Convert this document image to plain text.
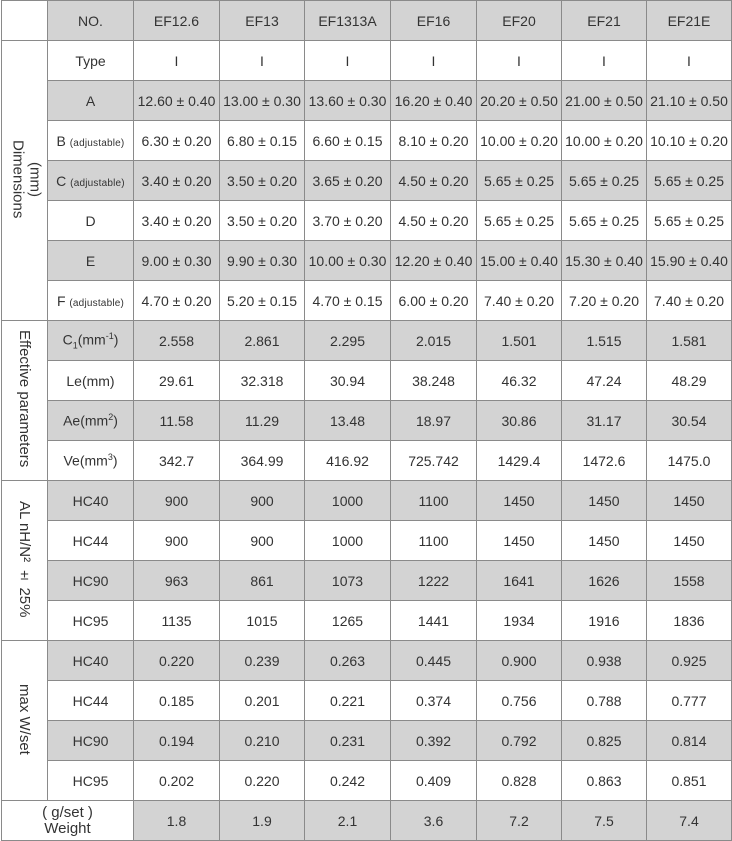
	NO.	EF12.6	EF13	EF1313A	EF16	EF20	EF21	EF21E

(mm)
Dimensions	Type	I	I	I	I	I	I	I
	A	12.60 ± 0.40	13.00 ± 0.30	13.60 ± 0.30	16.20 ± 0.40	20.20 ± 0.50	21.00 ± 0.50	21.10 ± 0.50
	B (adjustable)	6.30 ± 0.20	6.80 ± 0.15	6.60 ± 0.15	8.10 ± 0.20	10.00 ± 0.20	10.00 ± 0.20	10.10 ± 0.20
	C (adjustable)	3.40 ± 0.20	3.50 ± 0.20	3.65 ± 0.20	4.50 ± 0.20	5.65 ± 0.25	5.65 ± 0.25	5.65 ± 0.25
	D	3.40 ± 0.20	3.50 ± 0.20	3.70 ± 0.20	4.50 ± 0.20	5.65 ± 0.25	5.65 ± 0.25	5.65 ± 0.25
	E	9.00 ± 0.30	9.90 ± 0.30	10.00 ± 0.30	12.20 ± 0.40	15.00 ± 0.40	15.30 ± 0.40	15.90 ± 0.40
	F (adjustable)	4.70 ± 0.20	5.20 ± 0.15	4.70 ± 0.15	6.00 ± 0.20	7.40 ± 0.20	7.20 ± 0.20	7.40 ± 0.20
Effective parameters	$C_1(mm^{-1})$	2.558	2.861	2.295	2.015	1.501	1.515	1.581
	Le(mm)	29.61	32.318	30.94	38.248	46.32	47.24	48.29
	$Ae(mm^2)$	11.58	11.29	13.48	18.97	30.86	31.17	30.54
	$Ve(mm^3)$	342.7	364.99	416.92	725.742	1429.4	1472.6	1475.0
AL nH/N² ± 25%	HC40	900	900	1000	1100	1450	1450	1450
	HC44	900	900	1000	1100	1450	1450	1450
	HC90	963	861	1073	1222	1641	1626	1558
	HC95	1135	1015	1265	1441	1934	1916	1836
max W/set	HC40	0.220	0.239	0.263	0.445	0.900	0.938	0.925
	HC44	0.185	0.201	0.221	0.374	0.756	0.788	0.777
	HC90	0.194	0.210	0.231	0.392	0.792	0.825	0.814
	HC95	0.202	0.220	0.242	0.409	0.828	0.863	0.851

( g/set )
Weight		1.8	1.9	2.1	3.6	7.2	7.5	7.4
